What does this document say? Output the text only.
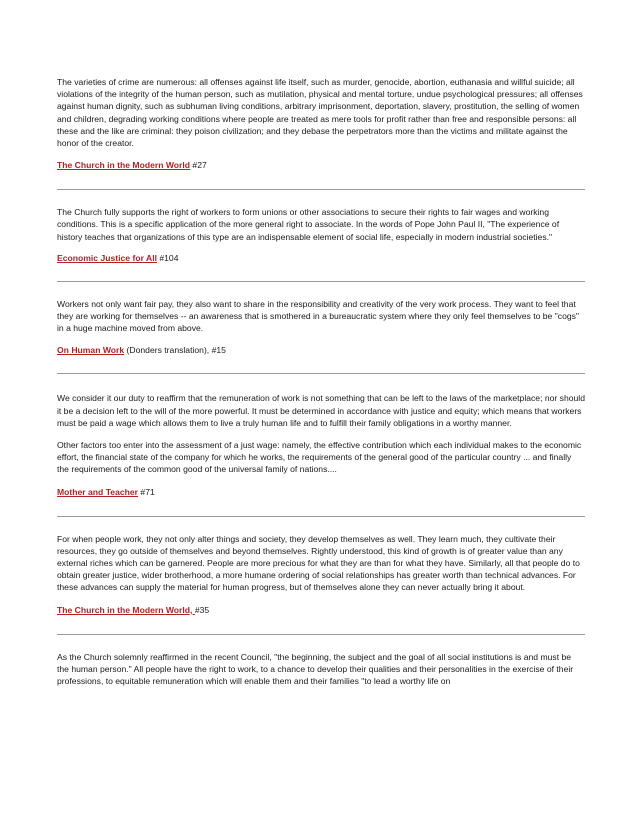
The varieties of crime are numerous: all offenses against life itself, such as murder, genocide, abortion, euthanasia and willful suicide; all violations of the integrity of the human person, such as mutilation, physical and mental torture, undue psychological pressures; all offenses against human dignity, such as subhuman living conditions, arbitrary imprisonment, deportation, slavery, prostitution, the selling of women and children, degrading working conditions where people are treated as mere tools for profit rather than free and responsible persons: all these and the like are criminal: they poison civilization; and they debase the perpetrators more than the victims and militate against the honor of the creator.

The Church in the Modern World #27

The Church fully supports the right of workers to form unions or other associations to secure their rights to fair wages and working conditions. This is a specific application of the more general right to associate. In the words of Pope John Paul II, "The experience of history teaches that organizations of this type are an indispensable element of social life, especially in modern industrial societies."

Economic Justice for All #104

Workers not only want fair pay, they also want to share in the responsibility and creativity of the very work process. They want to feel that they are working for themselves -- an awareness that is smothered in a bureaucratic system where they only feel themselves to be "cogs" in a huge machine moved from above.

On Human Work (Donders translation), #15

We consider it our duty to reaffirm that the remuneration of work is not something that can be left to the laws of the marketplace; nor should it be a decision left to the will of the more powerful. It must be determined in accordance with justice and equity; which means that workers must be paid a wage which allows them to live a truly human life and to fulfill their family obligations in a worthy manner.

Other factors too enter into the assessment of a just wage: namely, the effective contribution which each individual makes to the economic effort, the financial state of the company for which he works, the requirements of the general good of the particular country ... and finally the requirements of the common good of the universal family of nations....

Mother and Teacher #71

For when people work, they not only alter things and society, they develop themselves as well. They learn much, they cultivate their resources, they go outside of themselves and beyond themselves. Rightly understood, this kind of growth is of greater value than any external riches which can be garnered. People are more precious for what they are than for what they have. Similarly, all that people do to obtain greater justice, wider brotherhood, a more humane ordering of social relationships has greater worth than technical advances. For these advances can supply the material for human progress, but of themselves alone they can never actually bring it about.

The Church in the Modern World, #35

As the Church solemnly reaffirmed in the recent Council, "the beginning, the subject and the goal of all social institutions is and must be the human person." All people have the right to work, to a chance to develop their qualities and their personalities in the exercise of their professions, to equitable remuneration which will enable them and their families "to lead a worthy life on
